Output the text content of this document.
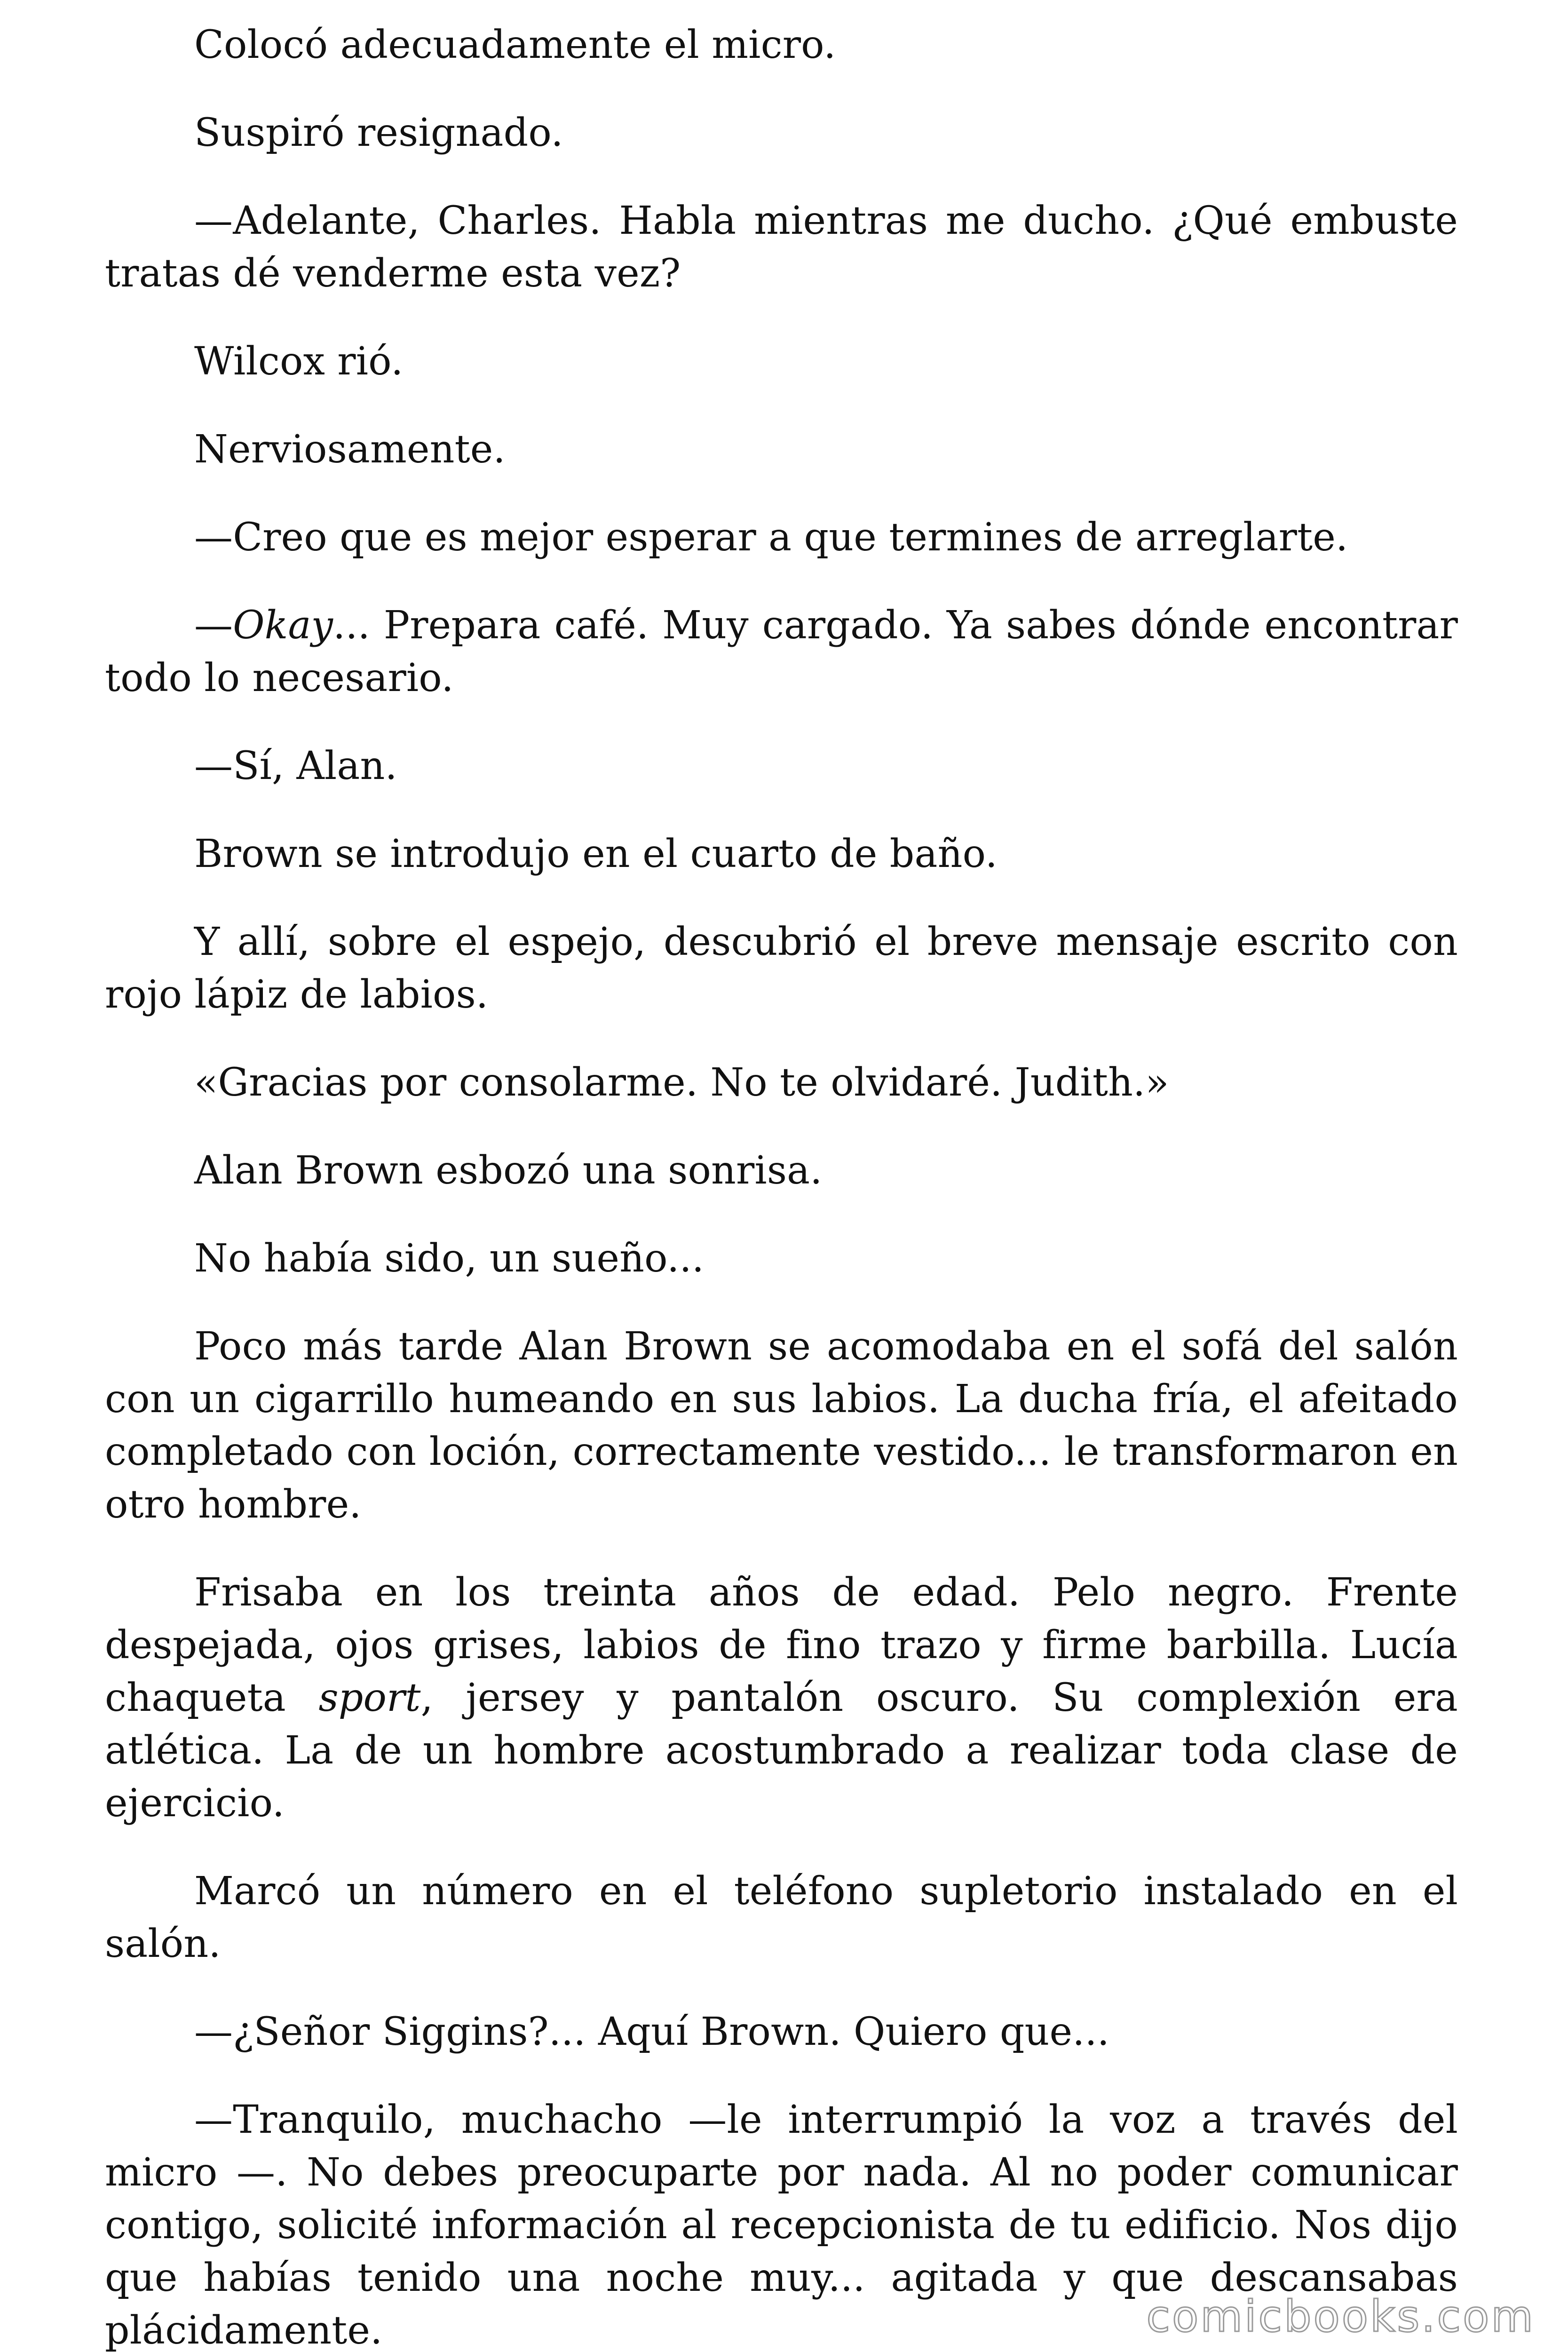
Colocó adecuadamente el micro.

Suspiró resignado.

—Adelante, Charles. Habla mientras me ducho. ¿Qué embuste tratas dé venderme esta vez?

Wilcox rió.

Nerviosamente.

—Creo que es mejor esperar a que termines de arreglarte.

—Okay... Prepara café. Muy cargado. Ya sabes dónde encontrar todo lo necesario.

—Sí, Alan.

Brown se introdujo en el cuarto de baño.

Y allí, sobre el espejo, descubrió el breve mensaje escrito con rojo lápiz de labios.

«Gracias por consolarme. No te olvidaré. Judith.»

Alan Brown esbozó una sonrisa.

No había sido, un sueño...

Poco más tarde Alan Brown se acomodaba en el sofá del salón con un cigarrillo humeando en sus labios. La ducha fría, el afeitado completado con loción, correctamente vestido... le transformaron en otro hombre.

Frisaba en los treinta años de edad. Pelo negro. Frente despejada, ojos grises, labios de fino trazo y firme barbilla. Lucía chaqueta sport, jersey y pantalón oscuro. Su complexión era atlética. La de un hombre acostumbrado a realizar toda clase de ejercicio.

Marcó un número en el teléfono supletorio instalado en el salón.

—¿Señor Siggins?... Aquí Brown. Quiero que...

—Tranquilo, muchacho —le interrumpió la voz a través del micro —. No debes preocuparte por nada. Al no poder comunicar contigo, solicité información al recepcionista de tu edificio. Nos dijo que habías tenido una noche muy... agitada y que descansabas plácidamente.	comicbooks.com
